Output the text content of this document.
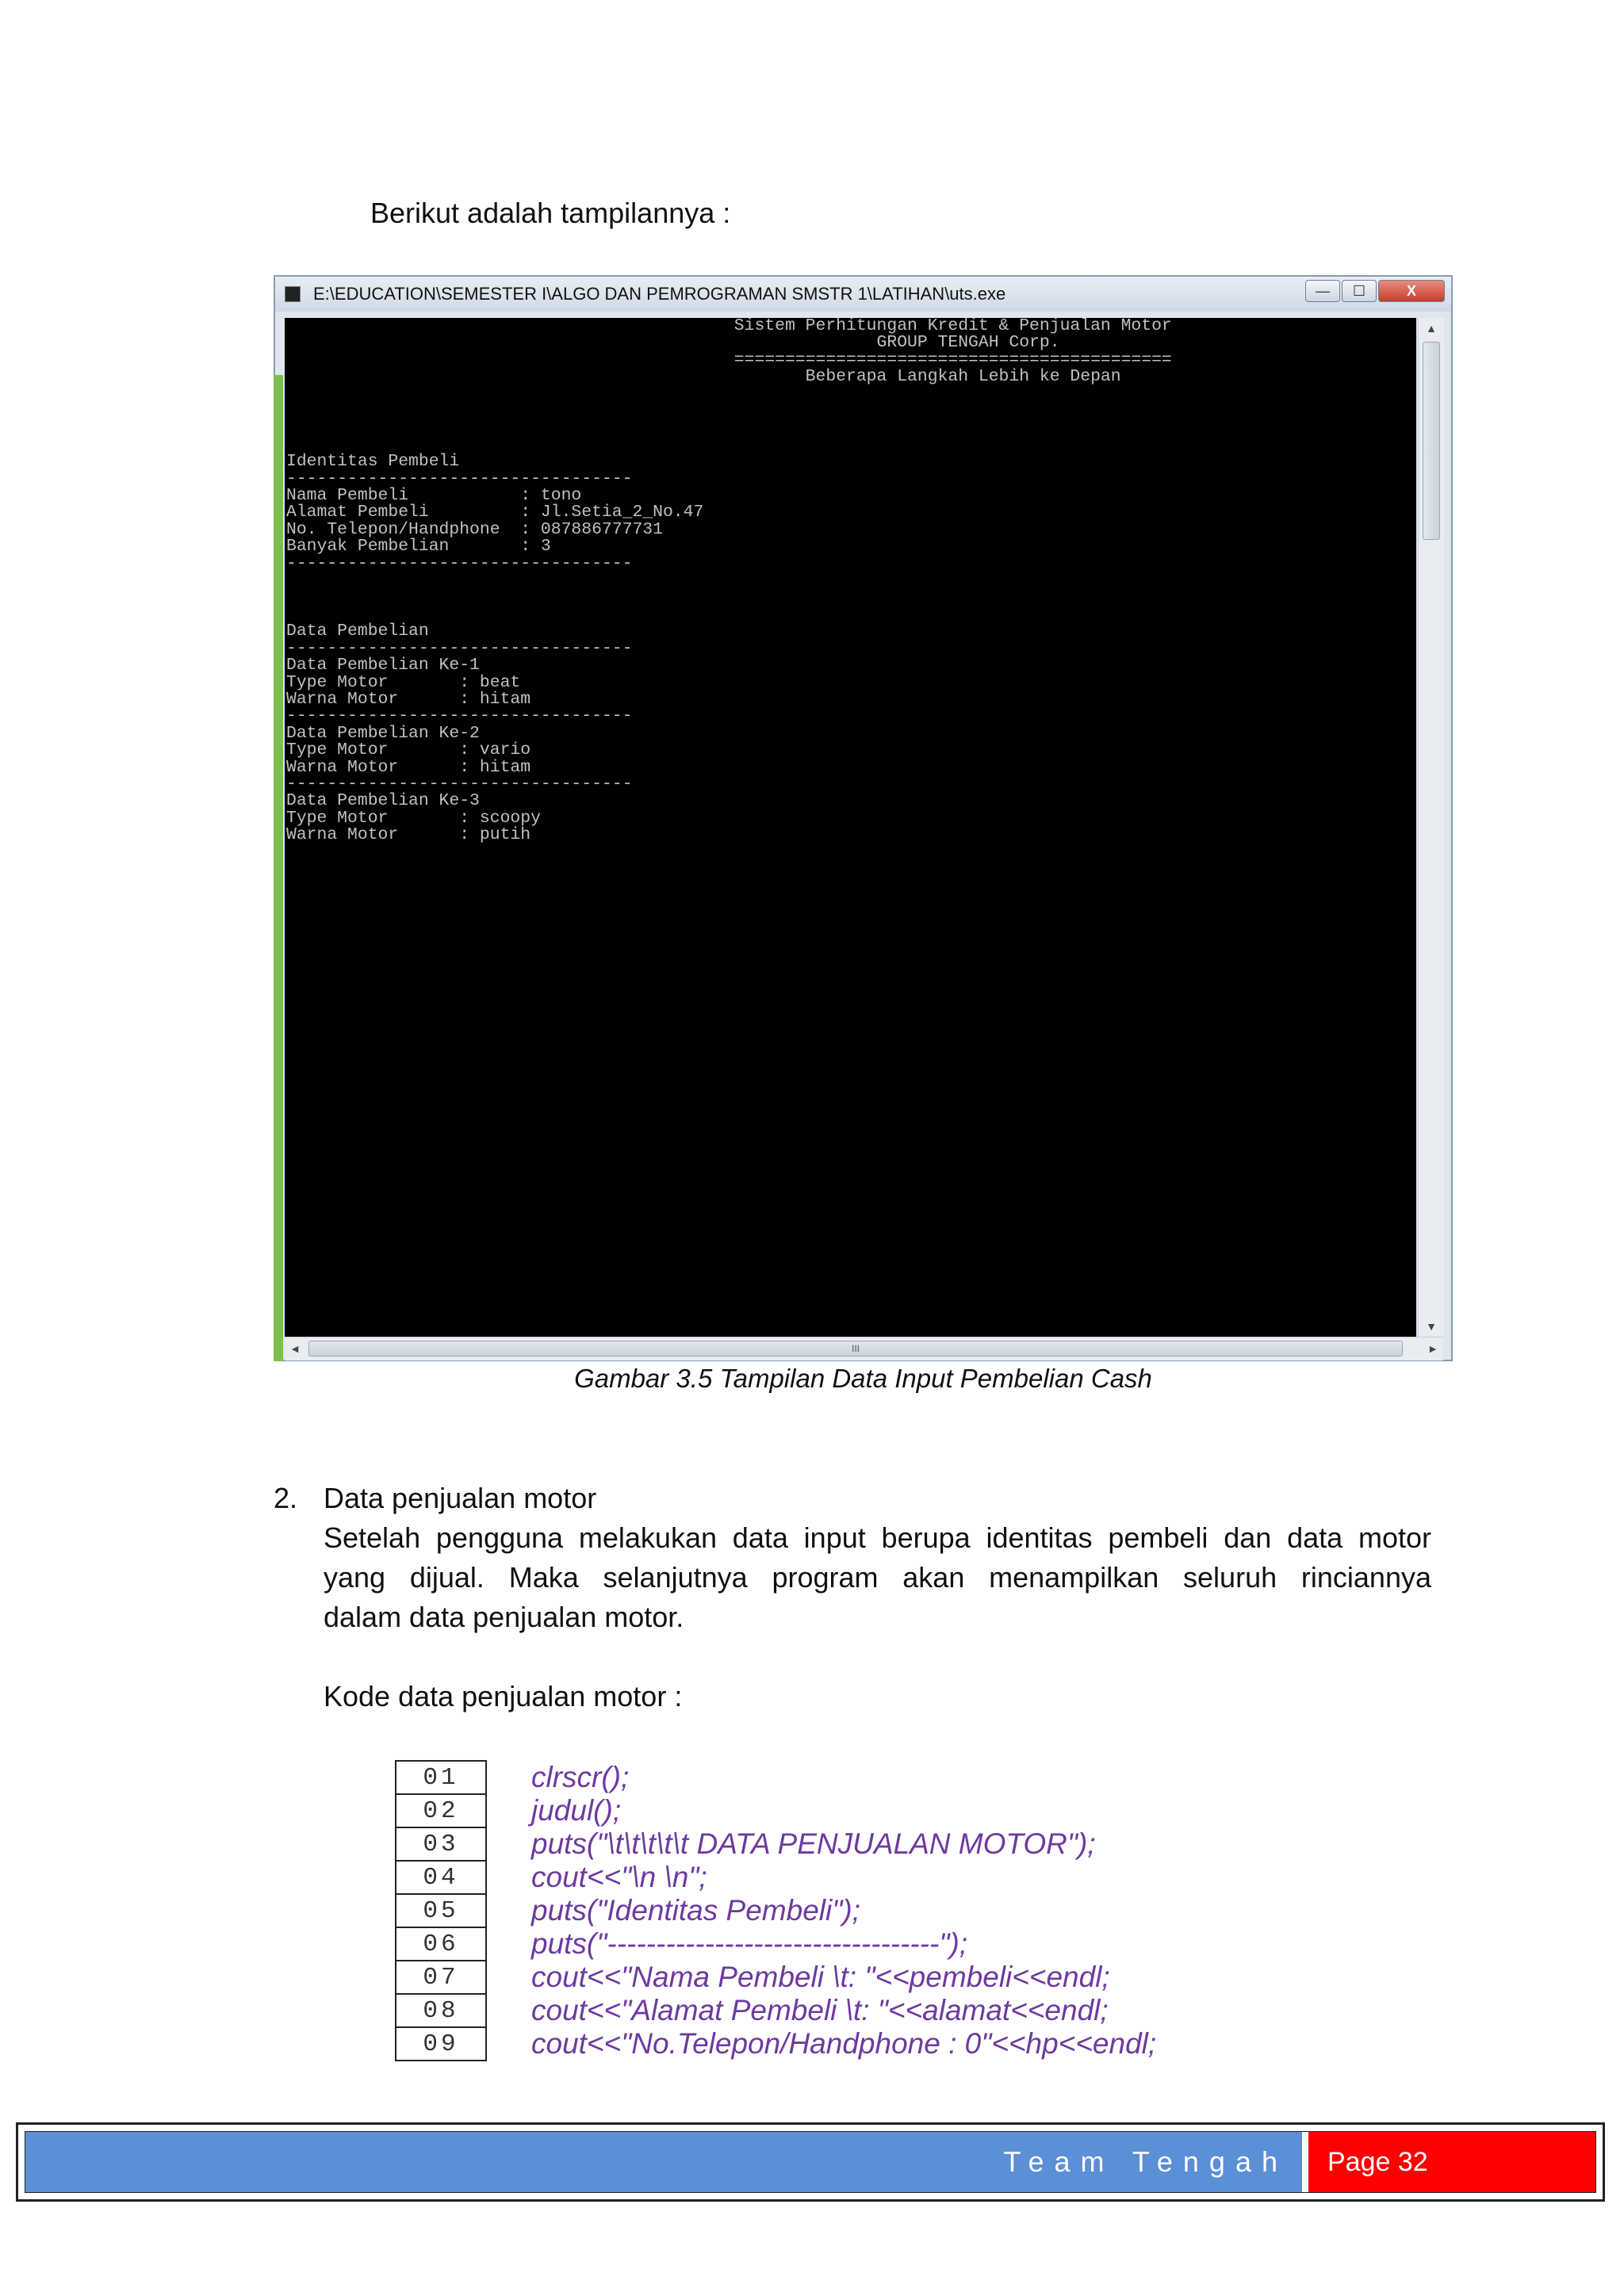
Berikut adalah tampilannya :
E:\EDUCATION\SEMESTER I\ALGO DAN PEMROGRAMAN SMSTR 1\LATIHAN\uts.exe	—	☐	X
Sistem Perhitungan Kredit & Penjualan Motor
GROUP TENGAH Corp.
===========================================
Beberapa Langkah Lebih ke Depan

Identitas Pembeli
----------------------------------
Nama Pembeli           : tono
Alamat Pembeli         : Jl.Setia_2_No.47
No. Telepon/Handphone  : 087886777731
Banyak Pembelian       : 3
----------------------------------

Data Pembelian
----------------------------------
Data Pembelian Ke-1
Type Motor       : beat
Warna Motor      : hitam
----------------------------------
Data Pembelian Ke-2
Type Motor       : vario
Warna Motor      : hitam
----------------------------------
Data Pembelian Ke-3
Type Motor       : scoopy
Warna Motor      : putih
▲
▼
◄	III	►
Gambar 3.5 Tampilan Data Input Pembelian Cash
2. Data penjualan motor
Setelah pengguna melakukan data input berupa identitas pembeli dan data motor
yang dijual. Maka selanjutnya program akan menampilkan seluruh rinciannya
dalam data penjualan motor.
Kode data penjualan motor :
01	clrscr();
02	judul();
03	puts("\t\t\t\t\t DATA PENJUALAN MOTOR");
04	cout<<"\n \n";
05	puts("Identitas Pembeli");
06	puts("----------------------------------");
07	cout<<"Nama Pembeli \t: "<<pembeli<<endl;
08	cout<<"Alamat Pembeli \t: "<<alamat<<endl;
09	cout<<"No.Telepon/Handphone : 0"<<hp<<endl;
Team Tengah	Page 32
